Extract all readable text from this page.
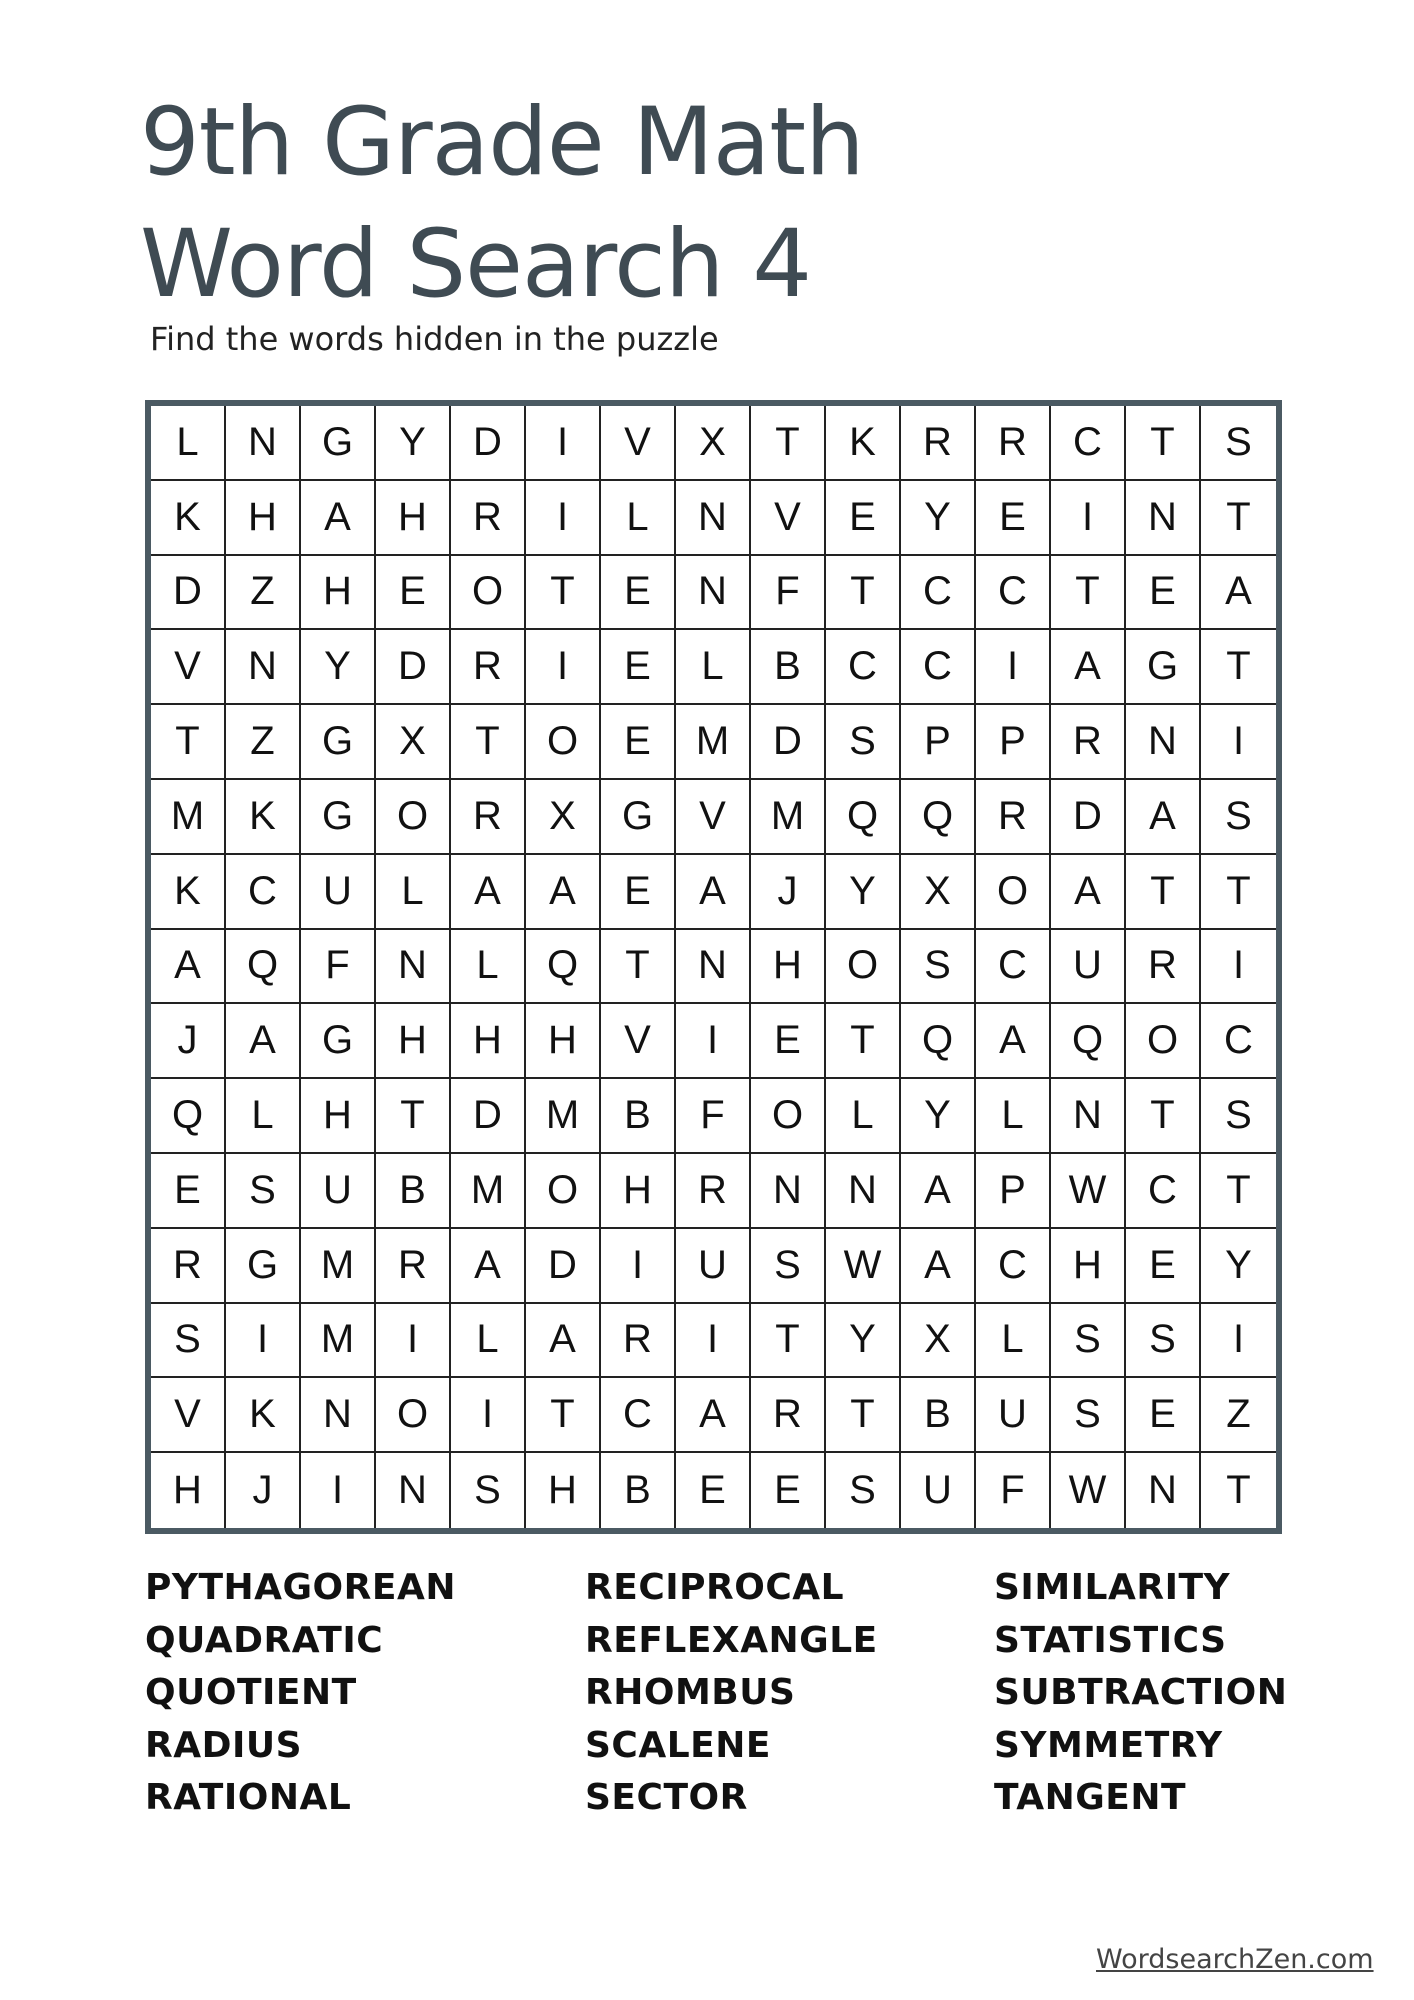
9th Grade Math
Word Search 4
Find the words hidden in the puzzle
L	N	G	Y	D	I	V	X	T	K	R	R	C	T	S
K	H	A	H	R	I	L	N	V	E	Y	E	I	N	T
D	Z	H	E	O	T	E	N	F	T	C	C	T	E	A
V	N	Y	D	R	I	E	L	B	C	C	I	A	G	T
T	Z	G	X	T	O	E	M	D	S	P	P	R	N	I
M	K	G	O	R	X	G	V	M	Q	Q	R	D	A	S
K	C	U	L	A	A	E	A	J	Y	X	O	A	T	T
A	Q	F	N	L	Q	T	N	H	O	S	C	U	R	I
J	A	G	H	H	H	V	I	E	T	Q	A	Q	O	C
Q	L	H	T	D	M	B	F	O	L	Y	L	N	T	S
E	S	U	B	M	O	H	R	N	N	A	P	W	C	T
R	G	M	R	A	D	I	U	S	W	A	C	H	E	Y
S	I	M	I	L	A	R	I	T	Y	X	L	S	S	I
V	K	N	O	I	T	C	A	R	T	B	U	S	E	Z
H	J	I	N	S	H	B	E	E	S	U	F	W	N	T
PYTHAGOREAN
QUADRATIC
QUOTIENT
RADIUS
RATIONAL
RECIPROCAL
REFLEXANGLE
RHOMBUS
SCALENE
SECTOR
SIMILARITY
STATISTICS
SUBTRACTION
SYMMETRY
TANGENT
WordsearchZen.com
